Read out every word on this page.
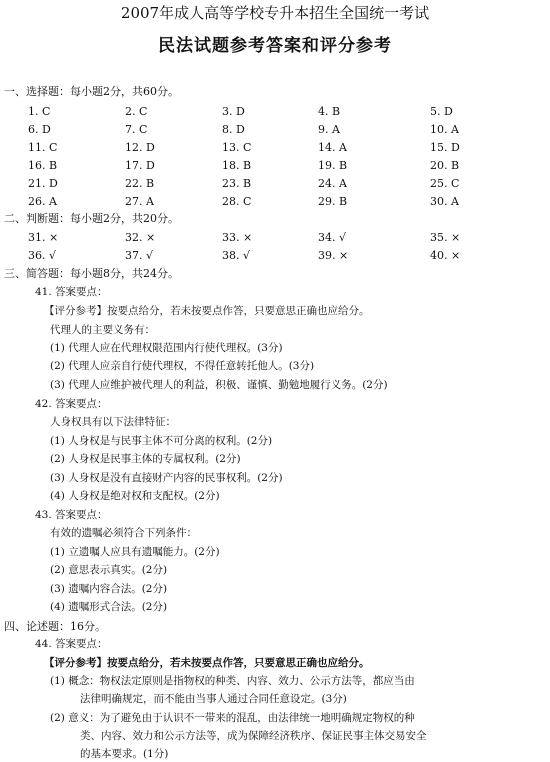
2007年成人高等学校专升本招生全国统一考试
民法试题参考答案和评分参考
一、选择题：每小题2分，共60分。
1. C	2. C	3. D	4. B	5. D
6. D	7. C	8. D	9. A	10. A
11. C	12. D	13. C	14. A	15. D
16. B	17. D	18. B	19. B	20. B
21. D	22. B	23. B	24. A	25. C
26. A	27. A	28. C	29. B	30. A
二、判断题：每小题2分，共20分。
31. ×	32. ×	33. ×	34. √	35. ×
36. √	37. √	38. √	39. ×	40. ×
三、简答题：每小题8分，共24分。
41. 答案要点：
【评分参考】按要点给分，若未按要点作答，只要意思正确也应给分。
代理人的主要义务有：
(1) 代理人应在代理权限范围内行使代理权。(3分)
(2) 代理人应亲自行使代理权，不得任意转托他人。(3分)
(3) 代理人应维护被代理人的利益，积极、谨慎、勤勉地履行义务。(2分)
42. 答案要点：
人身权具有以下法律特征：
(1) 人身权是与民事主体不可分离的权利。(2分)
(2) 人身权是民事主体的专属权利。(2分)
(3) 人身权是没有直接财产内容的民事权利。(2分)
(4) 人身权是绝对权和支配权。(2分)
43. 答案要点：
有效的遗嘱必须符合下列条件：
(1) 立遗嘱人应具有遗嘱能力。(2分)
(2) 意思表示真实。(2分)
(3) 遗嘱内容合法。(2分)
(4) 遗嘱形式合法。(2分)
四、论述题：16分。
44. 答案要点：
【评分参考】按要点给分，若未按要点作答，只要意思正确也应给分。
(1) 概念：物权法定原则是指物权的种类、内容、效力、公示方法等，都应当由
法律明确规定，而不能由当事人通过合同任意设定。(3分)
(2) 意义：为了避免由于认识不一带来的混乱，由法律统一地明确规定物权的种
类、内容、效力和公示方法等，成为保障经济秩序、保证民事主体交易安全
的基本要求。(1分)
